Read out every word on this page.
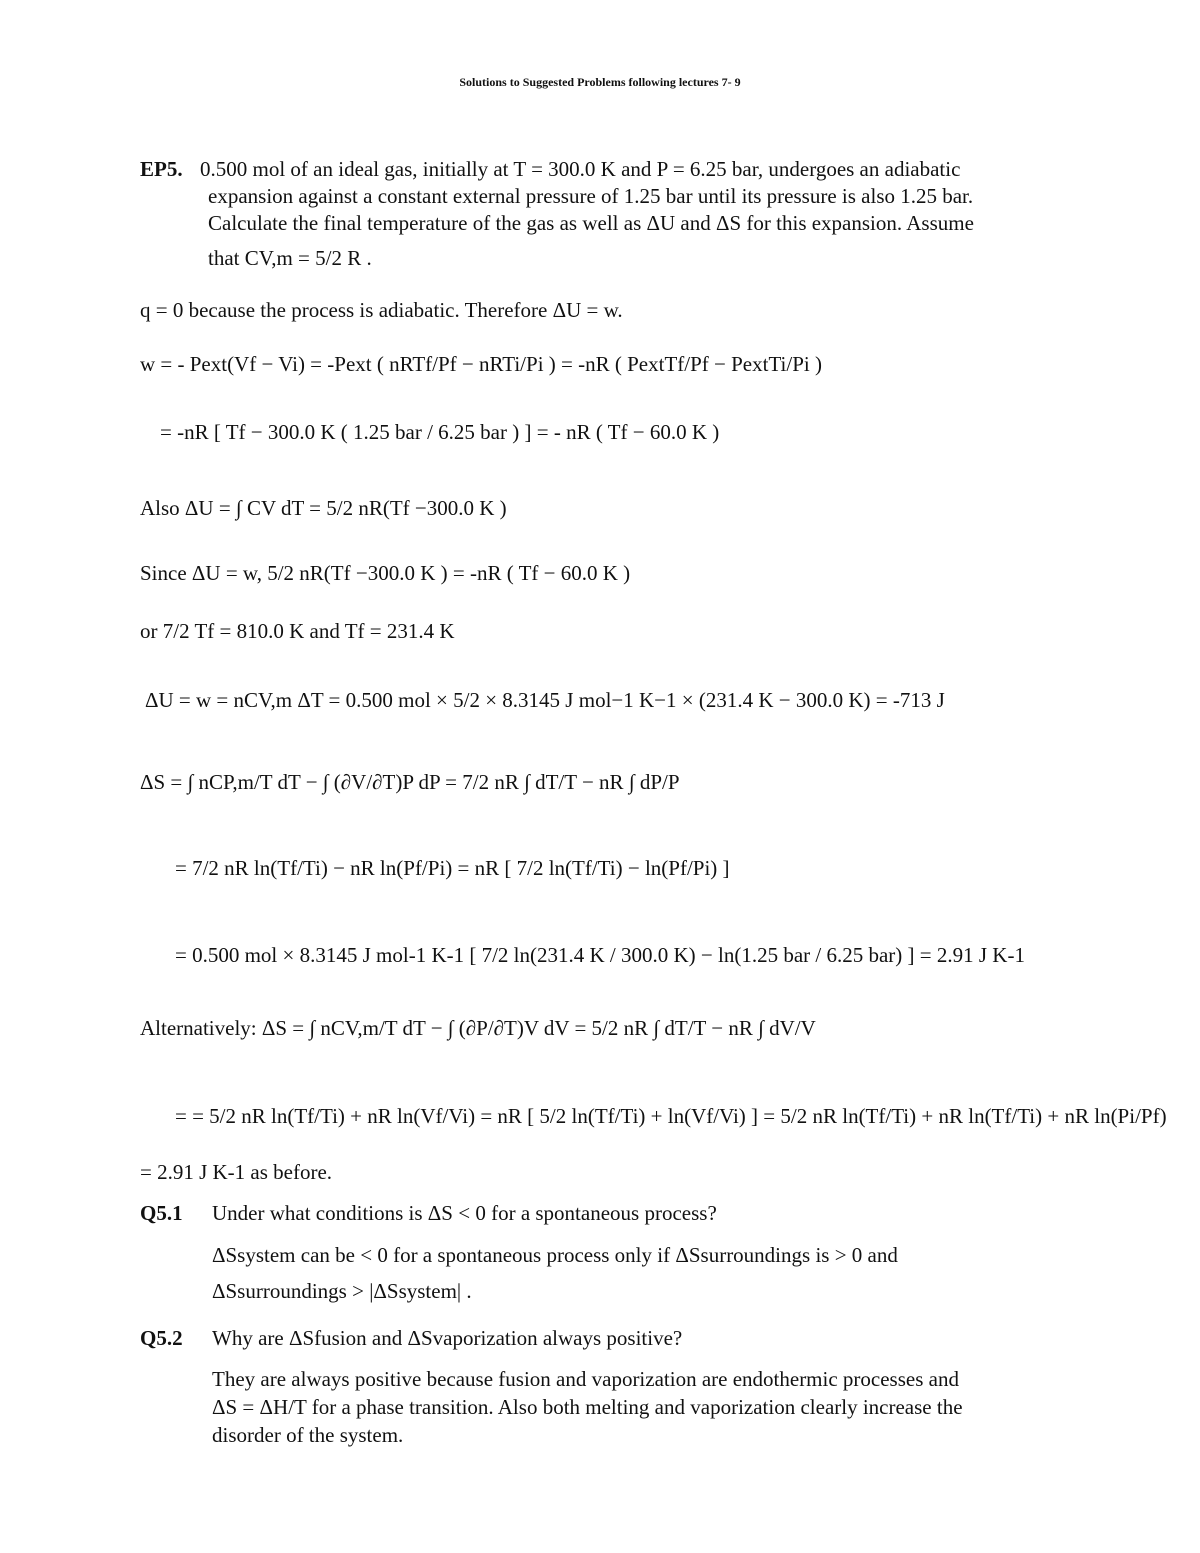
Solutions to Suggested Problems following lectures 7- 9
EP5. 0.500 mol of an ideal gas, initially at T = 300.0 K and P = 6.25 bar, undergoes an adiabatic
expansion against a constant external pressure of 1.25 bar until its pressure is also 1.25 bar.
Calculate the final temperature of the gas as well as ΔU and ΔS for this expansion. Assume
that CV,m = 5/2 R .
q = 0 because the process is adiabatic. Therefore ΔU = w.
w = - Pext(Vf − Vi) = -Pext ( nRTf/Pf − nRTi/Pi ) = -nR ( PextTf/Pf − PextTi/Pi )
= -nR [ Tf − 300.0 K ( 1.25 bar / 6.25 bar ) ] = - nR ( Tf − 60.0 K )
Also ΔU = ∫ CV dT = 5/2 nR(Tf −300.0 K )
Since ΔU = w, 5/2 nR(Tf −300.0 K ) = -nR ( Tf − 60.0 K )
or 7/2 Tf = 810.0 K and Tf = 231.4 K
ΔU = w = nCV,m ΔT = 0.500 mol × 5/2 × 8.3145 J mol−1 K−1 × (231.4 K − 300.0 K) = -713 J
ΔS = ∫ nCP,m/T dT − ∫ (∂V/∂T)P dP = 7/2 nR ∫ dT/T − nR ∫ dP/P
= 7/2 nR ln(Tf/Ti) − nR ln(Pf/Pi) = nR [ 7/2 ln(Tf/Ti) − ln(Pf/Pi) ]
= 0.500 mol × 8.3145 J mol-1 K-1 [ 7/2 ln(231.4 K / 300.0 K) − ln(1.25 bar / 6.25 bar) ] = 2.91 J K-1
Alternatively: ΔS = ∫ nCV,m/T dT − ∫ (∂P/∂T)V dV = 5/2 nR ∫ dT/T − nR ∫ dV/V
= = 5/2 nR ln(Tf/Ti) + nR ln(Vf/Vi) = nR [ 5/2 ln(Tf/Ti) + ln(Vf/Vi) ] = 5/2 nR ln(Tf/Ti) + nR ln(Tf/Ti) + nR ln(Pi/Pf)
= 2.91 J K-1 as before.
Q5.1 Under what conditions is ΔS < 0 for a spontaneous process?
ΔSsystem can be < 0 for a spontaneous process only if ΔSsurroundings is > 0 and
ΔSsurroundings > |ΔSsystem| .
Q5.2 Why are ΔSfusion and ΔSvaporization always positive?
They are always positive because fusion and vaporization are endothermic processes and
ΔS = ΔH/T for a phase transition. Also both melting and vaporization clearly increase the
disorder of the system.
